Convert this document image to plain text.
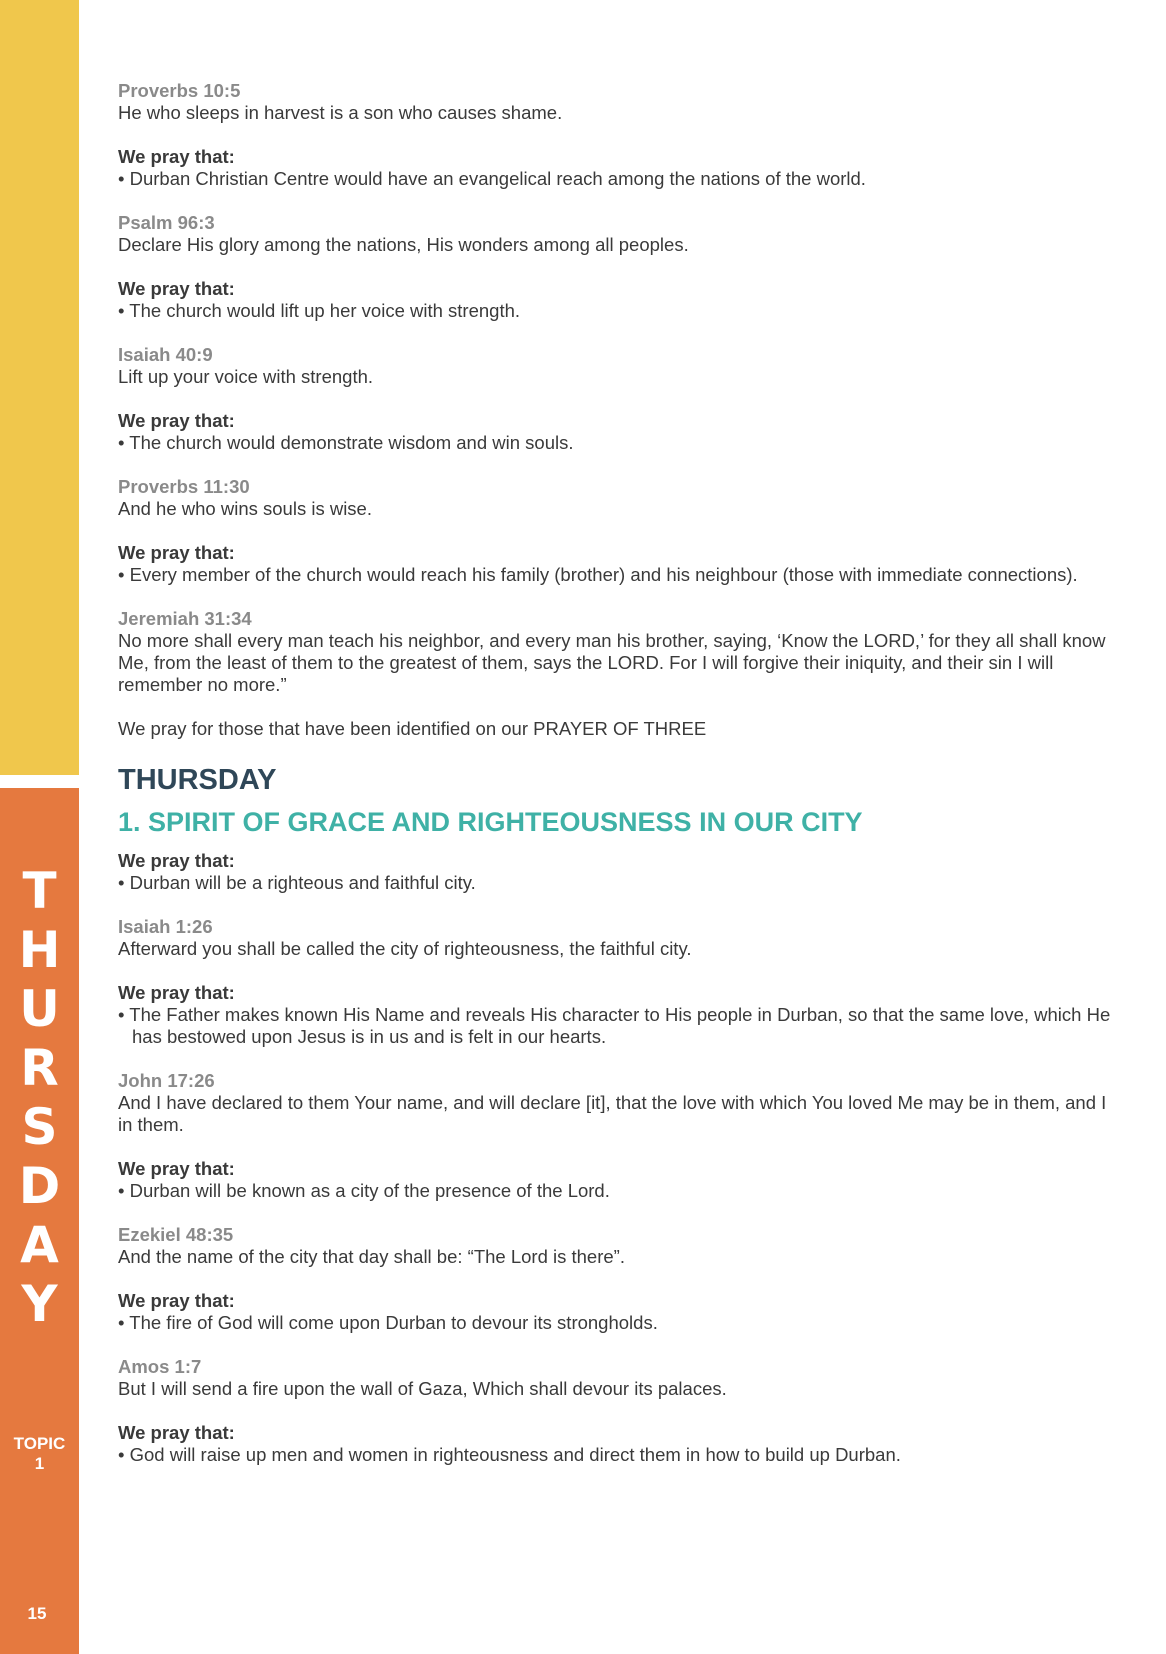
T
H
U
R
S
D
A
Y
TOPIC
1
15
Proverbs 10:5
He who sleeps in harvest is a son who causes shame.
We pray that:
• Durban Christian Centre would have an evangelical reach among the nations of the world.
Psalm 96:3
Declare His glory among the nations, His wonders among all peoples.
We pray that:
• The church would lift up her voice with strength.
Isaiah 40:9
Lift up your voice with strength.
We pray that:
• The church would demonstrate wisdom and win souls.
Proverbs 11:30
And he who wins souls is wise.
We pray that:
• Every member of the church would reach his family (brother) and his neighbour (those with immediate connections).
Jeremiah 31:34
No more shall every man teach his neighbor, and every man his brother, saying, ‘Know the LORD,’ for they all shall know Me, from the least of them to the greatest of them, says the LORD. For I will forgive their iniquity, and their sin I will remember no more.”
We pray for those that have been identified on our PRAYER OF THREE
THURSDAY
1. SPIRIT OF GRACE AND RIGHTEOUSNESS IN OUR CITY
We pray that:
• Durban will be a righteous and faithful city.
Isaiah 1:26
Afterward you shall be called the city of righteousness, the faithful city.
We pray that:
• The Father makes known His Name and reveals His character to His people in Durban, so that the same love, which He has bestowed upon Jesus is in us and is felt in our hearts.
John 17:26
And I have declared to them Your name, and will declare [it], that the love with which You loved Me may be in them, and I in them.
We pray that:
• Durban will be known as a city of the presence of the Lord.
Ezekiel 48:35
And the name of the city that day shall be: “The Lord is there”.
We pray that:
• The fire of God will come upon Durban to devour its strongholds.
Amos 1:7
But I will send a fire upon the wall of Gaza, Which shall devour its palaces.
We pray that:
• God will raise up men and women in righteousness and direct them in how to build up Durban.
